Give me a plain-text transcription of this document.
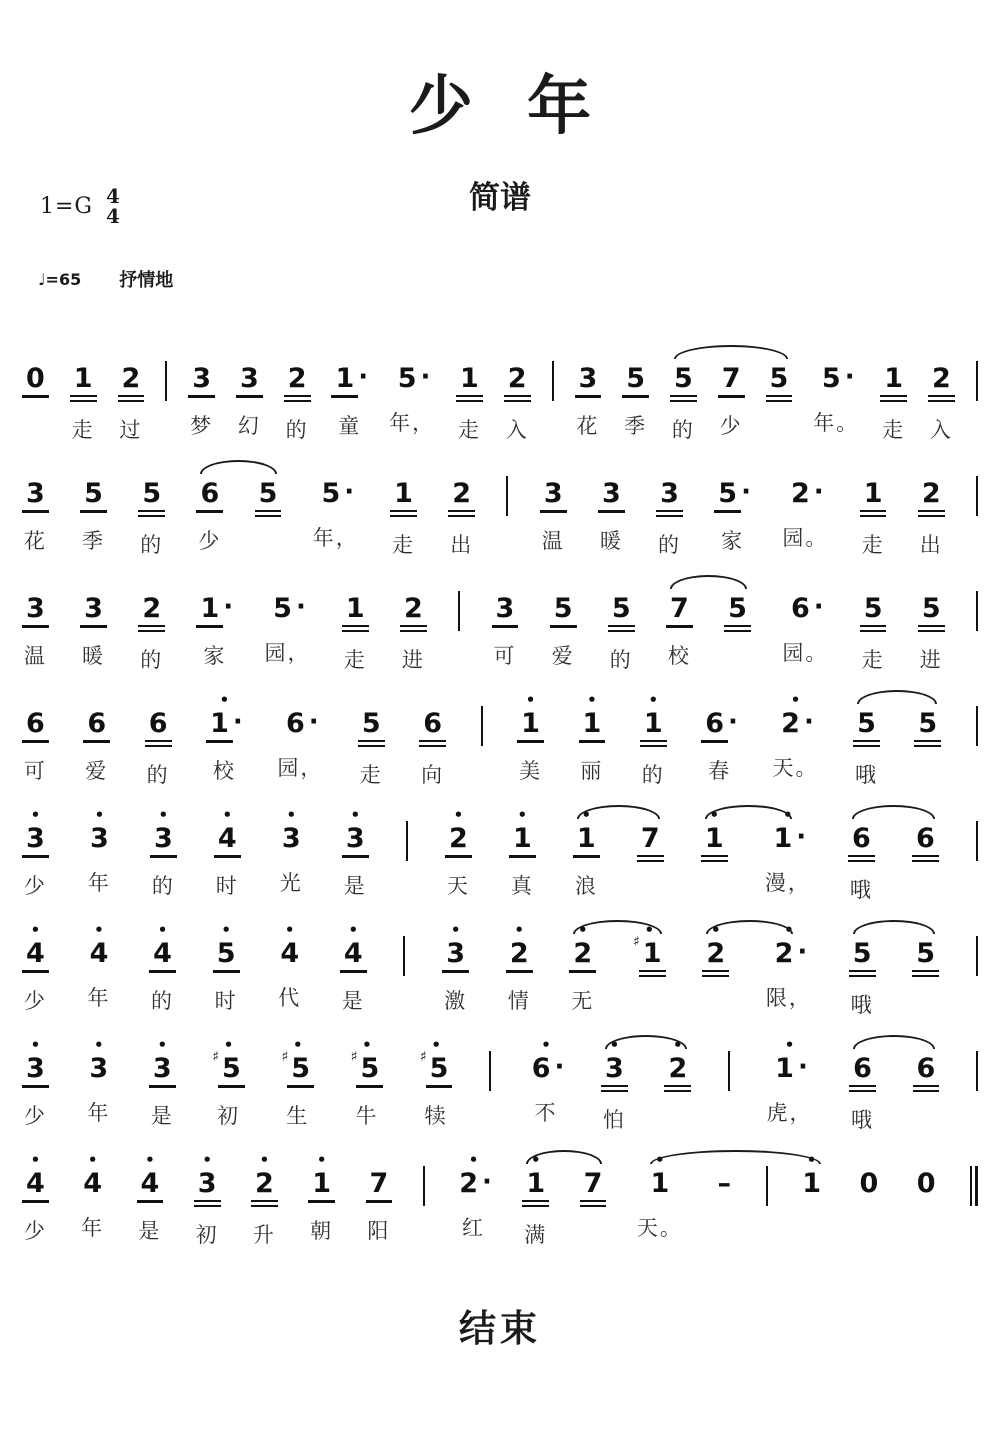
少 年
简谱
1=G 4
4
♩=65 抒情地
0 1
走
2
过
3
梦
3
幻
2
的
1 ·
童
5 ·
年，
1
走
2
入
3
花
5
季
5
的
7
少
5 5 ·
年。
1
走
2
入
3
花
5
季
5
的
6
少
5 5 ·
年，
1
走
2
出
3
温
3
暖
3
的
5 ·
家
2 ·
园。
1
走
2
出
3
温
3
暖
2
的
1 ·
家
5 ·
园，
1
走
2
进
3
可
5
爱
5
的
7
校
5 6 ·
园。
5
走
5
进
6
可
6
爱
6
的
•
1 ·
校
6 ·
园，
5
走
6
向
•
1
美
•
1
丽
•
1
的
6 ·
春
•
2 ·
天。
5
哦
5
•
3
少
•
3
年
•
3
的
•
4
时
•
3
光
•
3
是
•
2
天
•
1
真
•
1
浪
7
•
1
•
1 ·
漫，
6
哦
6
•
4
少
•
4
年
•
4
的
•
5
时
•
4
代
•
4
是
•
3
激
•
2
情
•
2
无
•
♯ 1
•
2
•
2 ·
限，
5
哦
5
•
3
少
•
3
年
•
3
是
•
♯ 5
初
•
♯ 5
生
•
♯ 5
牛
•
♯ 5
犊
•
6 ·
不
•
3
怕
•
2
•
1 ·
虎，
6
哦
6
•
4
少
•
4
年
•
4
是
•
3
初
•
2
升
•
1
朝
7
阳
•
2 ·
红
•
1
满
7
•
1
天。
–
•
1 0 0
结束
